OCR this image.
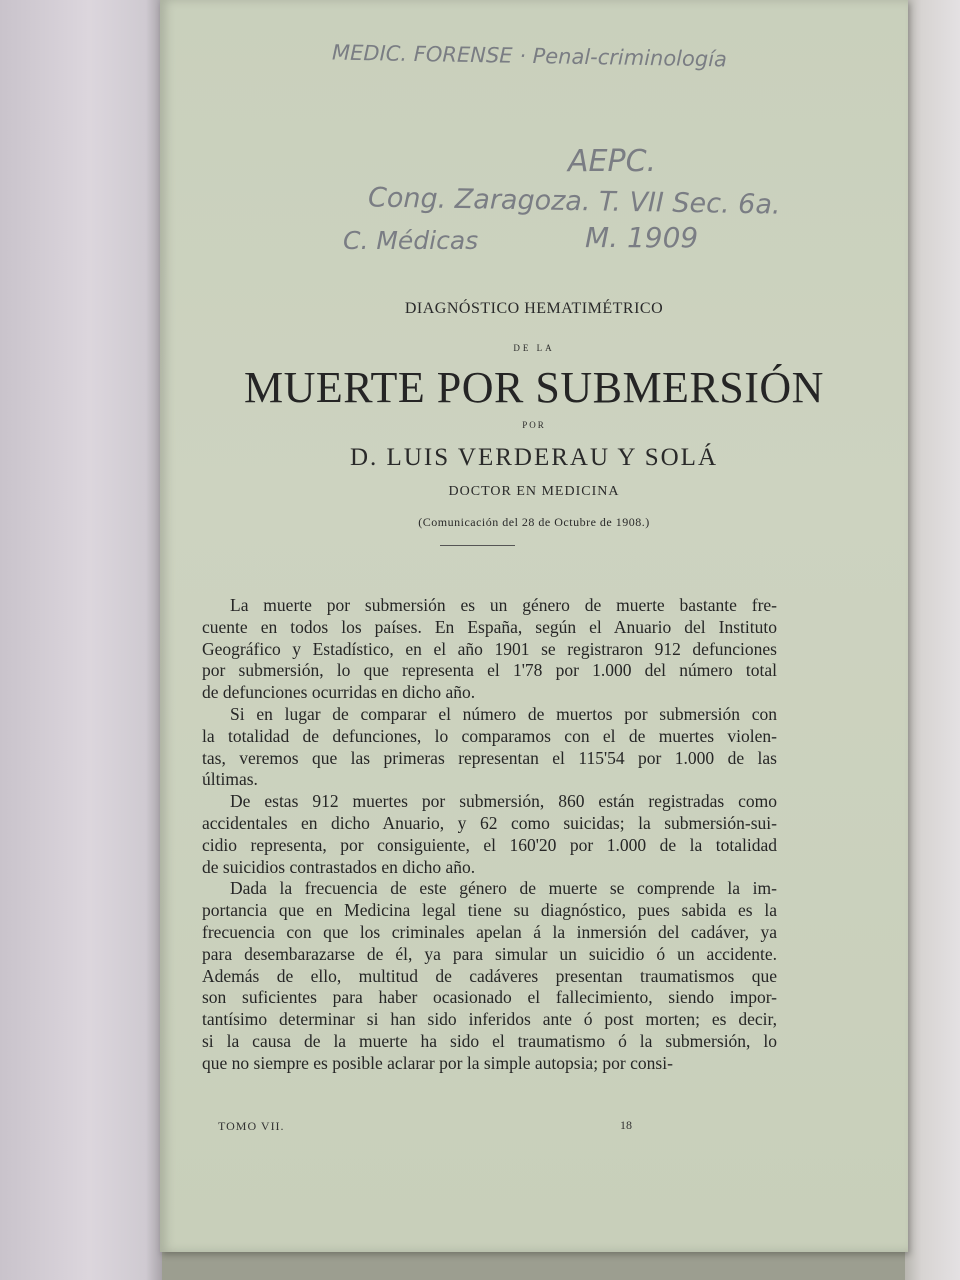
MEDIC. FORENSE · Penal-criminología
AEPC.
Cong. Zaragoza. T. VII Sec. 6a.
C. Médicas	M. 1909
DIAGNÓSTICO HEMATIMÉTRICO
DE LA
MUERTE POR SUBMERSIÓN
POR
D. LUIS VERDERAU Y SOLÁ
DOCTOR EN MEDICINA
(Comunicación del 28 de Octubre de 1908.)
La muerte por submersión es un género de muerte bastante fre-
cuente en todos los países. En España, según el Anuario del Instituto
Geográfico y Estadístico, en el año 1901 se registraron 912 defunciones
por submersión, lo que representa el 1'78 por 1.000 del número total
de defunciones ocurridas en dicho año.
Si en lugar de comparar el número de muertos por submersión con
la totalidad de defunciones, lo comparamos con el de muertes violen-
tas, veremos que las primeras representan el 115'54 por 1.000 de las
últimas.
De estas 912 muertes por submersión, 860 están registradas como
accidentales en dicho Anuario, y 62 como suicidas; la submersión-sui-
cidio representa, por consiguiente, el 160'20 por 1.000 de la totalidad
de suicidios contrastados en dicho año.
Dada la frecuencia de este género de muerte se comprende la im-
portancia que en Medicina legal tiene su diagnóstico, pues sabida es la
frecuencia con que los criminales apelan á la inmersión del cadáver, ya
para desembarazarse de él, ya para simular un suicidio ó un accidente.
Además de ello, multitud de cadáveres presentan traumatismos que
son suficientes para haber ocasionado el fallecimiento, siendo impor-
tantísimo determinar si han sido inferidos ante ó post morten; es decir,
si la causa de la muerte ha sido el traumatismo ó la submersión, lo
que no siempre es posible aclarar por la simple autopsia; por consi-
TOMO VII.	18
